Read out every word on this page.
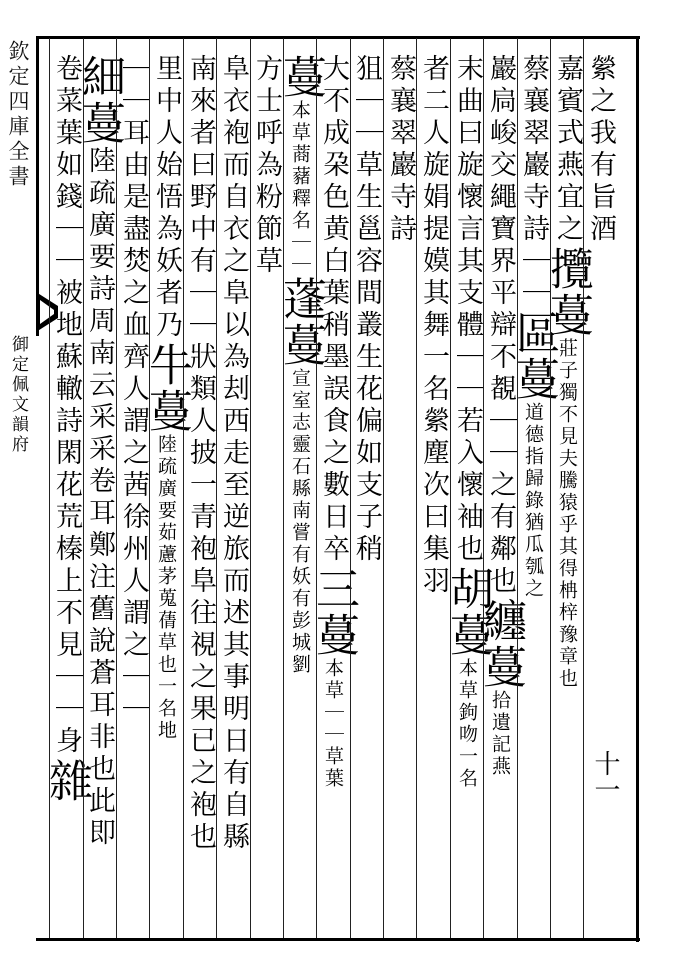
欽定四庫全書
御定佩文韻府
十一
縈之我有旨酒
嘉賓式燕宜之攬蔓莊子獨不見夫騰猿乎其得柟梓豫章也
蔡襄翠巖寺詩｜｜區蔓道德指歸錄猶瓜瓠之
巖扃峻交繩寶界平辯不覩｜｜之有鄰也纏蔓拾遺記燕
末曲曰旋懷言其支體｜｜若入懷袖也胡蔓本草鉤吻一名
者二人旋娟提嫫其舞一名縈塵次曰集羽
蔡襄翠巖寺詩
狙｜｜草生邕容間叢生花偏如支子稍
大不成朶色黄白葉稍墨誤食之數日卒三蔓本草｜｜草葉
蔓本草蔏藸釋名｜｜蓬蔓宣室志靈石縣南嘗有妖有彭城劉
方士呼為粉節草
阜衣袍而自衣之阜以為刦西走至逆旅而述其事明日有自縣
南來者曰野中有｜｜狀類人披一青袍阜往視之果已之袍也
里中人始悟為妖者乃牛蔓陸疏廣要茹藘茅蒐蒨草也一名地
｜｜耳由是盡焚之血齊人謂之茜徐州人謂之｜｜
細蔓陸疏廣要詩周南云采采卷耳鄭注舊說蒼耳非也此即
卷菜葉如錢｜｜被地蘇轍詩閑花荒榛上不見｜｜身雜
